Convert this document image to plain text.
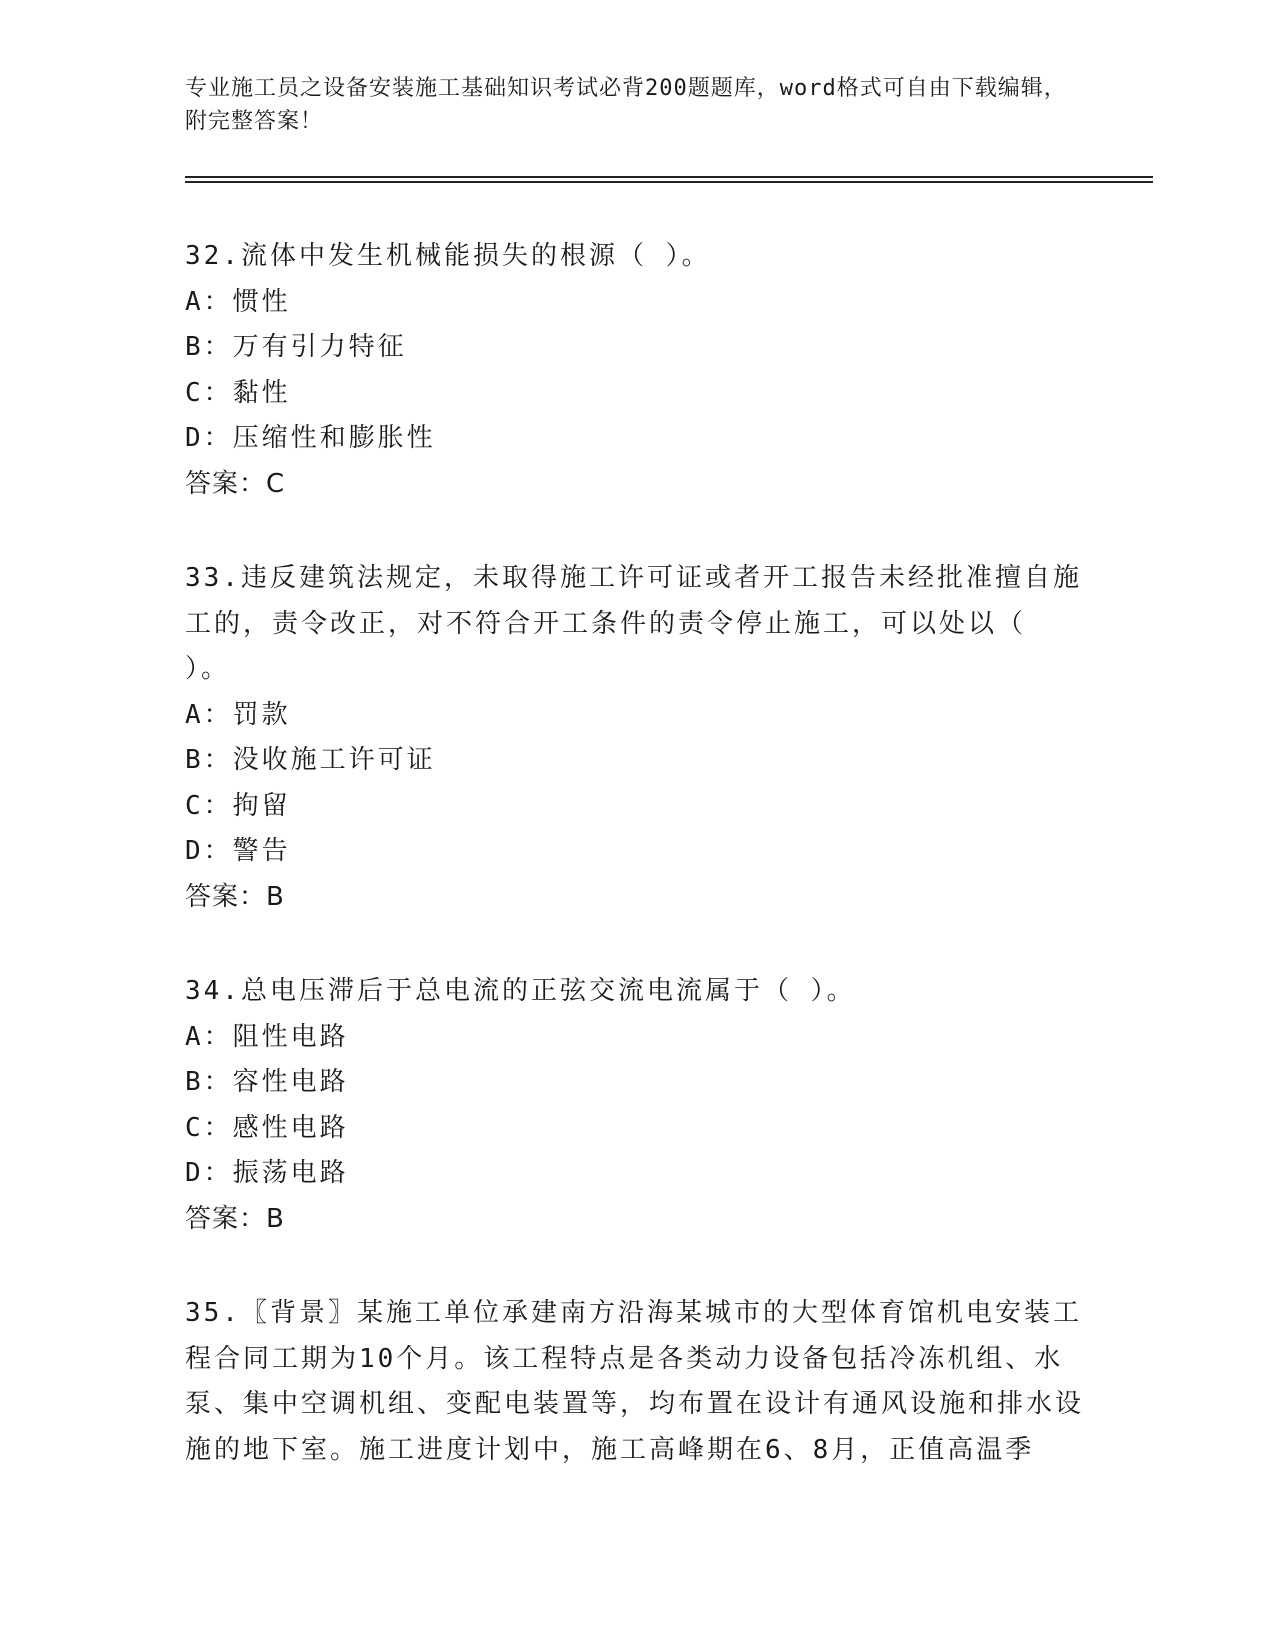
专业施工员之设备安装施工基础知识考试必背200题题库，word格式可自由下载编辑，附完整答案！
32.流体中发生机械能损失的根源（ ）。
A：惯性
B：万有引力特征
C：黏性
D：压缩性和膨胀性
答案：C
33.违反建筑法规定，未取得施工许可证或者开工报告未经批准擅自施工的，责令改正，对不符合开工条件的责令停止施工，可以处以（ ）。
A：罚款
B：没收施工许可证
C：拘留
D：警告
答案：B
34.总电压滞后于总电流的正弦交流电流属于（ ）。
A：阻性电路
B：容性电路
C：感性电路
D：振荡电路
答案：B
35.〖背景〗某施工单位承建南方沿海某城市的大型体育馆机电安装工程合同工期为10个月。该工程特点是各类动力设备包括冷冻机组、水泵、集中空调机组、变配电装置等，均布置在设计有通风设施和排水设施的地下室。施工进度计划中，施工高峰期在6、8月，正值高温季
